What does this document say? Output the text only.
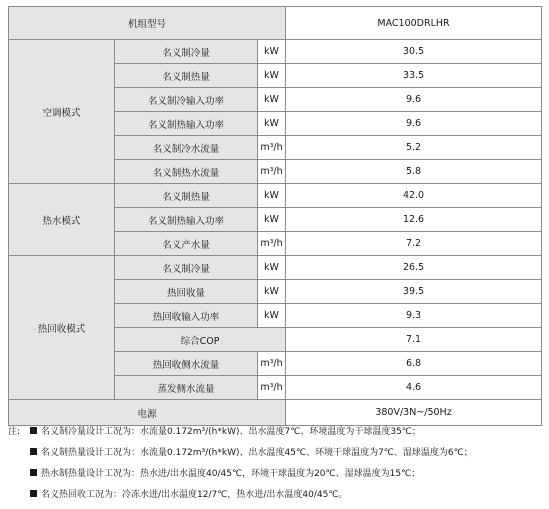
机组型号			MAC100DRLHR
空调模式	名义制冷量	kW	30.5
	名义制热量	kW	33.5
	名义制冷输入功率	kW	9.6
	名义制热输入功率	kW	9.6
	名义制冷水流量	m³/h	5.2
	名义制热水流量	m³/h	5.8
热水模式	名义制热量	kW	42.0
	名义制热输入功率	kW	12.6
	名义产水量	m³/h	7.2
热回收模式	名义制冷量	kW	26.5
	热回收量	kW	39.5
	热回收输入功率	kW	9.3
	综合COP		7.1
	热回收侧水流量	m³/h	6.8
	蒸发侧水流量	m³/h	4.6
电源			380V/3N~/50Hz
注: 名义制冷量设计工况为：水流量0.172m³/(h*kW)、出水温度7℃、环境温度为干球温度35℃；
名义制热量设计工况为：水流量0.172m³/(h*kW)、出水温度45℃、环境干球温度为7℃、湿球温度为6℃；
热水制热量设计工况为：热水进/出水温度40/45℃，环境干球温度为20℃、湿球温度为15℃；
名义热回收工况为：冷冻水进/出水温度12/7℃，热水进/出水温度40/45℃。
